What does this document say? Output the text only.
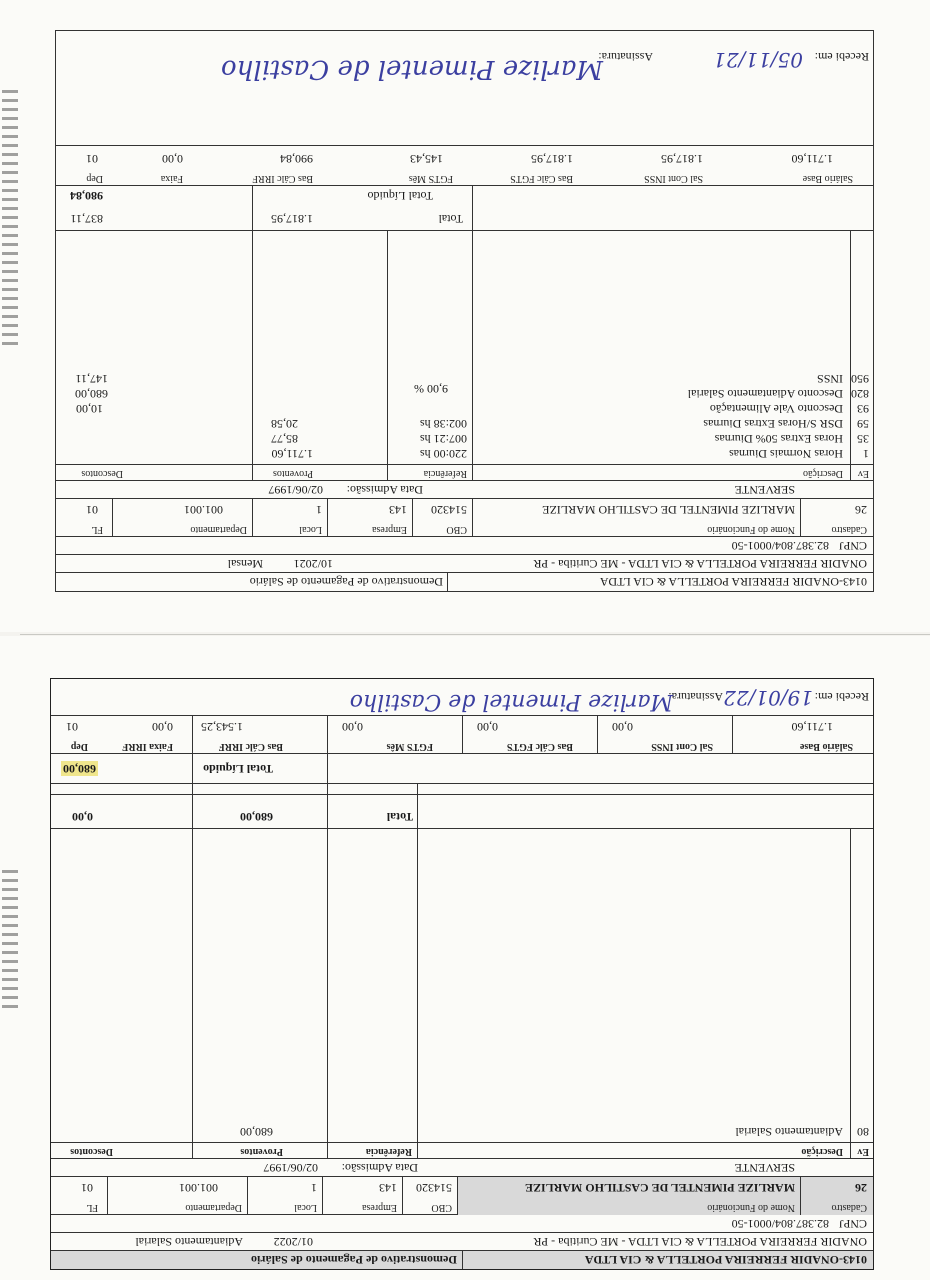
0143-ONADIR FERREIRA PORTELLA & CIA LTDA
Demonstrativo de Pagamento de Salário
ONADIR FERREIRA PORTELLA & CIA LTDA - ME Curitiba - PR
10/2021
Mensal
CNPJ
82.387.804/0001-50
Cadastro
26
Nome do Funcionário
MARLIZE PIMENTEL DE CASTILHO MARLIZE
CBO
514320
Empresa
143
Local
1
Departamento
001.001
FL
01
SERVENTE
Data Admissão:
02/06/1997
Ev
Descrição
Referência
Proventos
Descontos
1
Horas Normais Diurnas
220:00 hs
1.711,60
35
Horas Extras 50% Diurnas
007:21 hs
85,77
59
DSR S/Horas Extras Diurnas
002:38 hs
20,58
93
Desconto Vale Alimentação
10,00
820
Desconto Adiantamento Salarial
680,00
950
INSS
9,00 %
147,11
Total
1.817,95
837,11
Total Líquido
980,84
Salário Base
Sal Cont INSS
Bas Cálc FGTS
FGTS Mês
Bas Cálc IRRF
Faixa
Dep
1.711,60
1.817,95
1.817,95
145,43
990,84
0,00
01
Recebi em:
05/11/21
Assinatura:
Marlize Pimentel de Castilho
0143-ONADIR FERREIRA PORTELLA & CIA LTDA
Demonstrativo de Pagamento de Salário
ONADIR FERREIRA PORTELLA & CIA LTDA - ME Curitiba - PR
01/2022
Adiantamento Salarial
CNPJ
82.387.804/0001-50
Cadastro
26
Nome do Funcionário
MARLIZE PIMENTEL DE CASTILHO MARLIZE
CBO
514320
Empresa
143
Local
1
Departamento
001.001
FL
01
SERVENTE
Data Admissão:
02/06/1997
Ev
Descrição
Referência
Proventos
Descontos
80
Adiantamento Salarial
680,00
Total
680,00
0,00
Total Líquido
680,00
Salário Base
Sal Cont INSS
Bas Cálc FGTS
FGTS Mês
Bas Cálc IRRF
Faixa IRRF
Dep
1.711,60
0,00
0,00
0,00
1.543,25
0,00
01
Recebi em:
19/01/22
Assinatura:
Marlize Pimentel de Castilho
